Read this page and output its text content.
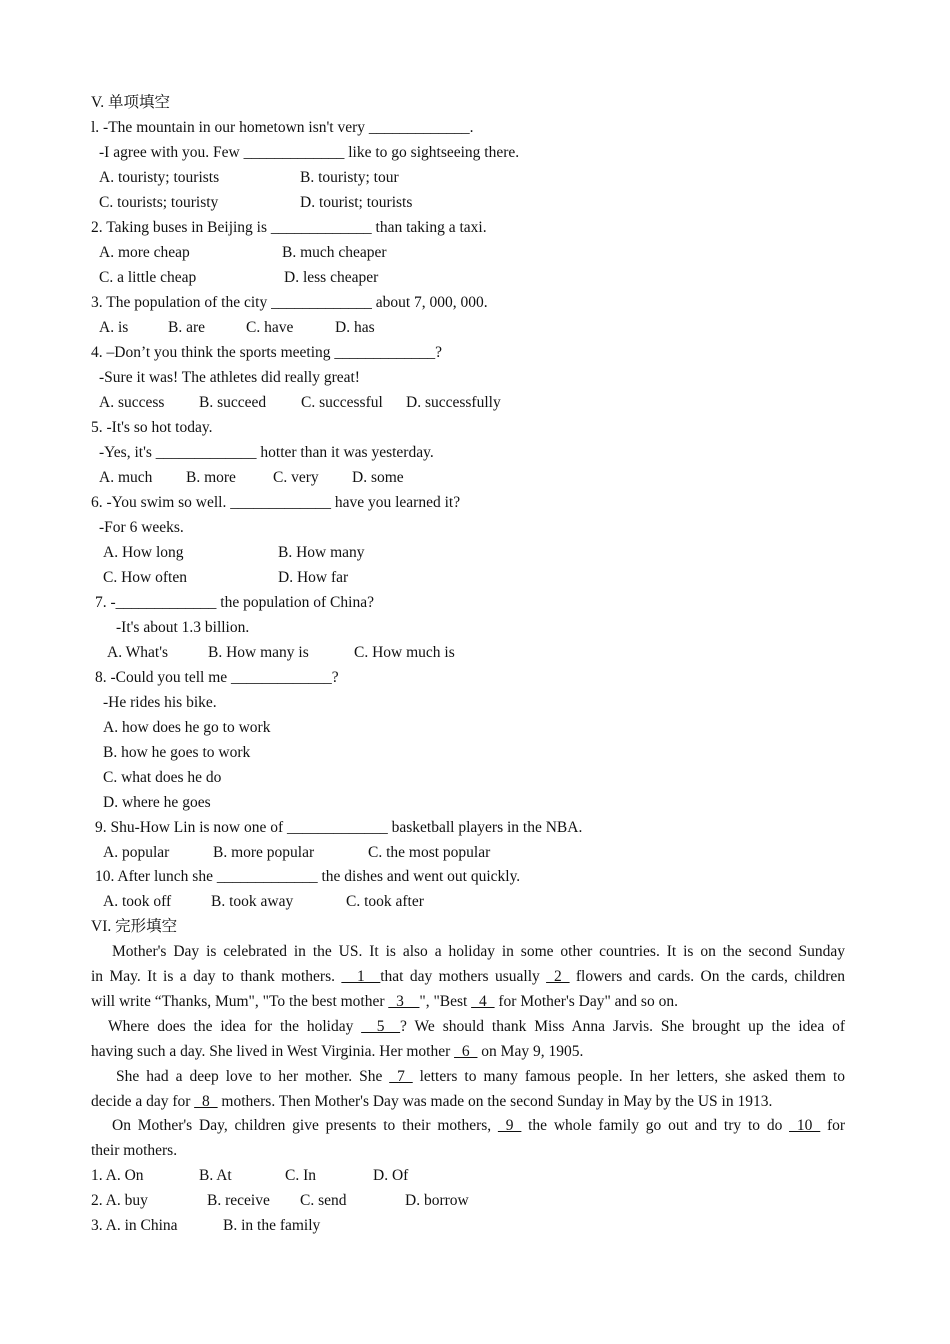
V. 单项填空
l. -The mountain in our hometown isn't very _____________.
-I agree with you. Few _____________ like to go sightseeing there.
A. touristy; tourists	B. touristy; tour
C. tourists; touristy	D. tourist; tourists
2. Taking buses in Beijing is _____________ than taking a taxi.
A. more cheap	B. much cheaper
C. a little cheap	D. less cheaper
3. The population of the city _____________ about 7, 000, 000.
A. is	B. are	C. have	D. has
4. –Don’t you think the sports meeting _____________?
-Sure it was! The athletes did really great!
A. success B. succeed C. successful D. successfully
5. -It's so hot today.
-Yes, it's _____________ hotter than it was yesterday.
A. much B. more C. very D. some
6. -You swim so well. _____________ have you learned it?
-For 6 weeks.
A. How long	B. How many
C. How often	D. How far
7. -_____________ the population of China?
-It's about 1.3 billion.
A. What's	B. How many is	C. How much is
8. -Could you tell me _____________?
-He rides his bike.
A. how does he go to work
B. how he goes to work
C. what does he do
D. where he goes
9. Shu-How Lin is now one of _____________ basketball players in the NBA.
A. popular	B. more popular	C. the most popular
10. After lunch she _____________ the dishes and went out quickly.
A. took off	B. took away	C. took after
VI. 完形填空
Mother's Day is celebrated in the US. It is also a holiday in some other countries. It is on the second Sunday
in May. It is a day to thank mothers. __1__that day mothers usually _2_ flowers and cards. On the cards, children
will write “Thanks, Mum", "To the best mother _3__", "Best _4_ for Mother's Day" and so on.
Where does the idea for the holiday __5__? We should thank Miss Anna Jarvis. She brought up the idea of
having such a day. She lived in West Virginia. Her mother _6_ on May 9, 1905.
She had a deep love to her mother. She _7_ letters to many famous people. In her letters, she asked them to
decide a day for _8_ mothers. Then Mother's Day was made on the second Sunday in May by the US in 1913.
On Mother's Day, children give presents to their mothers, _9_ the whole family go out and try to do _10_ for
their mothers.
1. A. On	B. At	C. In	D. Of
2. A. buy	B. receive C. send	D. borrow
3. A. in China	B. in the family
